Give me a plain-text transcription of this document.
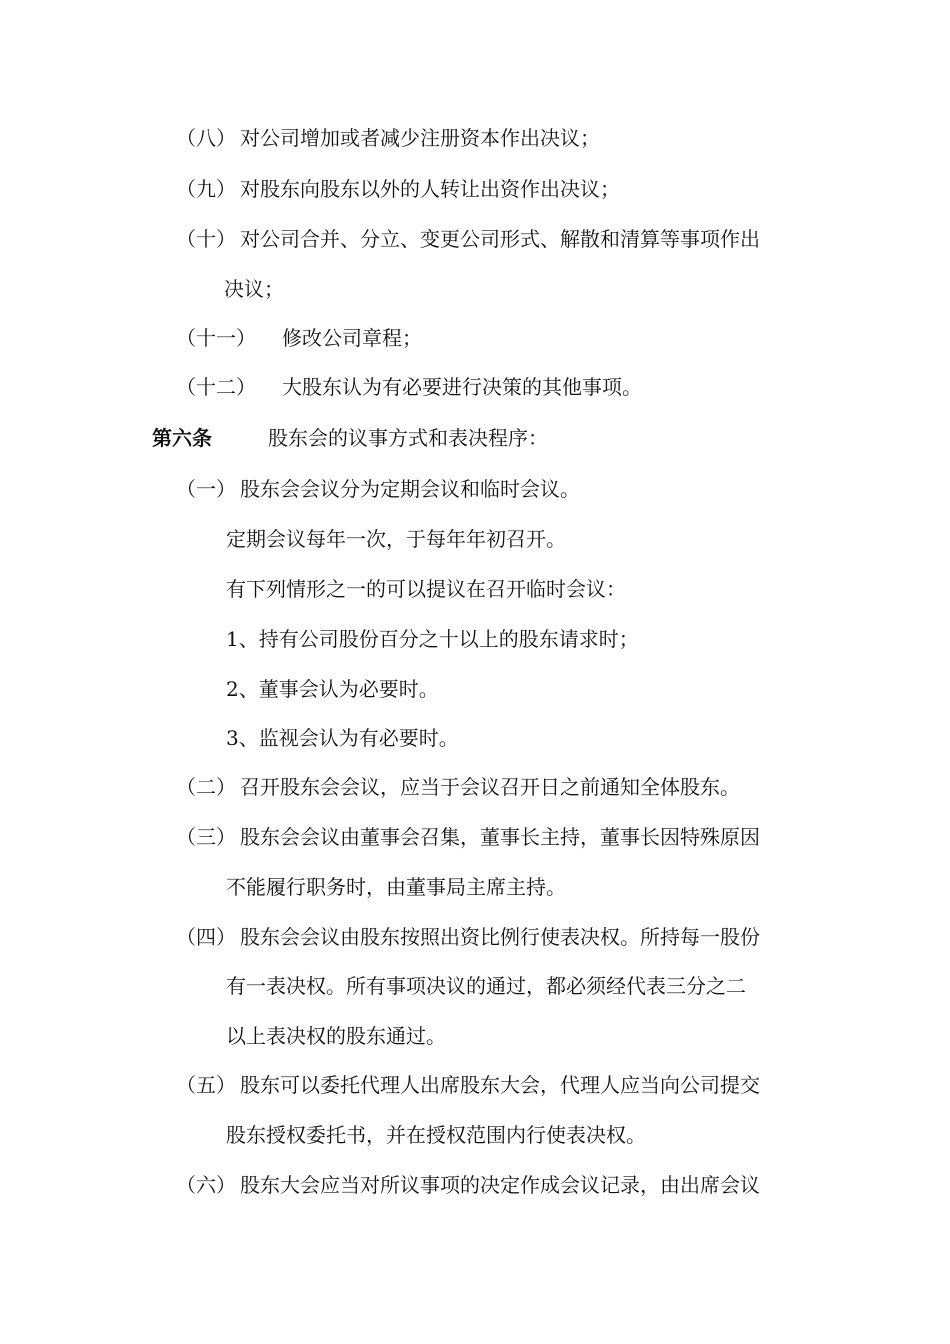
（八） 对公司增加或者减少注册资本作出决议；
（九） 对股东向股东以外的人转让出资作出决议；
（十） 对公司合并、分立、变更公司形式、解散和清算等事项作出
决议；
（十一） 修改公司章程；
（十二） 大股东认为有必要进行决策的其他事项。
第六条	股东会的议事方式和表决程序：
（一） 股东会会议分为定期会议和临时会议。
定期会议每年一次，于每年年初召开。
有下列情形之一的可以提议在召开临时会议：
1、持有公司股份百分之十以上的股东请求时；
2、董事会认为必要时。
3、监视会认为有必要时。
（二） 召开股东会会议，应当于会议召开日之前通知全体股东。
（三） 股东会会议由董事会召集，董事长主持，董事长因特殊原因
不能履行职务时，由董事局主席主持。
（四） 股东会会议由股东按照出资比例行使表决权。所持每一股份
有一表决权。所有事项决议的通过，都必须经代表三分之二
以上表决权的股东通过。
（五） 股东可以委托代理人出席股东大会，代理人应当向公司提交
股东授权委托书，并在授权范围内行使表决权。
（六） 股东大会应当对所议事项的决定作成会议记录，由出席会议
